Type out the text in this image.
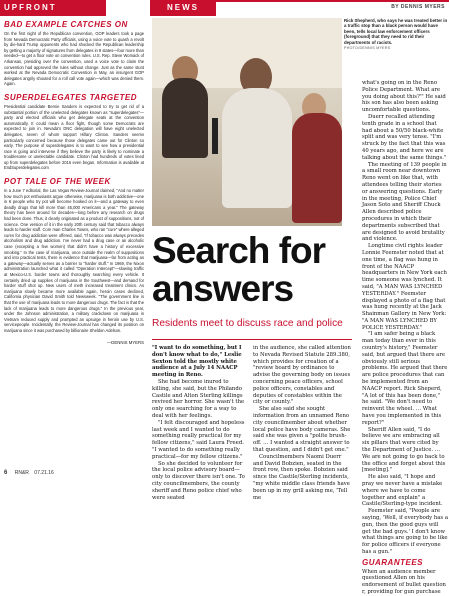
UPFRONT	NEWS	BY DENNIS MYERS
BAD EXAMPLE CATCHES ON
On the first night of the Republican convention, GOP leaders took a page from Nevada Democratic Party officials, using a voice vote to quash a revolt by die-hard Trump opponents who had shocked the Republican leadership by getting a majority of signatures from delegates in 9 states—four more than needed—to get a floor vote on convention rules. U.S. Rep. Steve Womack of Arkansas, presiding over the convention, used a voice vote to claim the convention had approved the rules without change. Just as the same stunt worked at the Nevada Democratic Convention in May, an insurgent GOP delegates angrily shouted for a roll call vote again—which was denied them. Again.
SUPERDELEGATES TARGETED
Presidential candidate Bernie Sanders is expected to try to get rid of a substantial portion of the unelected delegates known as "superdelegates"—party and elected officials who get delegate seats at the convention automatically. It could mean a floor fight, though some Democrats are expected to join in. Nevada's DNC delegation will have eight unelected delegates, seven of whom support Hillary Clinton. Sanders seems particularly concerned because those delegates came out for Clinton so early. The purpose of superdelegates is to want to see how a presidential race is going and intervene if they believe the party is likely to nominate a troublesome or unelectable candidate. Clinton had hundreds of votes lined up from superdelegates before 2016 even began. Information is available at EndSuperdelegates.com
POT TALE OF THE WEEK
In a June 7 editorial, the Las Vegas Review-Journal claimed, "And no matter how much pot enthusiasts argue otherwise, marijuana is both addictive—one in 6 people who try pot will become hooked on it—and a gateway to even deadly drugs that kill more than 45,000 Americans a year." The gateway theory has been around for decades—long before any research on drugs had been done. Thus, it clearly originated as a product of suppositions, not of science. One version of it in the early 20th century said that tobacco always leads to harder stuff. Corn man Charles Towns, who ran "cure" where alleged cures for drug addiction were offered, said, "If tobacco was always precedes alcoholism and drug addiction. I've never had a drug case or an alcoholic case (excepting a few women) that didn't have a history of excessive smoking." In the case of marijuana, once outside the realm of suppositions and into practical tests, there is evidence that marijuana—far from acting as a gateway—actually serves as a barrier to "harder stuff." In 1969, the Nixon administration launched what it called "Operation Intercept"—slowing traffic at Mexico-U.S. border towns and thoroughly searching every vehicle. It certainly dried up supplies of marijuana in the Southwest—and demand for harder stuff shot up. New users of meth increased treatment clinics. As marijuana slowly became more available again, heroin cases declined, California physician David Smith told Newsweek. "The government line is that the use of marijuana leads to more dangerous drugs. The fact is that the lack of marijuana leads to more dangerous drugs." In the previous year, under the Johnson administration, a military crackdown on marijuana in Vietnam reduced supply and prompted an upsurge in heroin use by U.S. servicepeople. Incidentally, the Review-Journal has changed its position on marijuana since it was purchased by billionaire Sheldon Adelson.
—DENNIS MYERS
Rick Shepherd, who says he was treated better in a traffic stop than a black person would have been, tells local law enforcement officers (foreground) that they need to rid their departments of racists.
PHOTO/DENNIS MYERS
Search for answers
Residents meet to discuss race and police

"I want to do something, but I don't know what to do," Leslie Sexton told the mostly white audience at a July 14 NAACP meeting in Reno.

She had become inured to killing, she said, but the Philando Castile and Alton Sterling killings revived her horror. She wasn't the only one searching for a way to deal with her feelings.

"I felt discouraged and hopeless last week and I wanted to do something really practical for my fellow citizens," said Laura Freed. "I wanted to do something really practical—for my fellow citizens."

So she decided to volunteer for the local police advisory board—only to discover there isn't one. To city councilmembers, the county sheriff and Reno police chief who were seated

in the audience, she called attention to Nevada Revised Statute 289.380, which provides for creation of a "review board by ordinance to advise the governing body on issues concerning peace officers, school police officers, constables and deputies of constables within the city or county."

She also said she sought information from an unnamed Reno city councilmember about whether local police have body cameras. She said she was given a "polite brush-off. … I wanted a straight answer to that question, and I didn't get one."

Councilmembers Naomi Duerr and David Bobzien, seated in the front row, then spoke. Bobzien said since the Castile/Sterling incidents, "my white middle class friends have been up in my grill asking me, 'Tell me

what's going on in the Reno Police Department. What are you doing about this?'" He said his son has also been asking uncomfortable questions.

Duerr recalled attending tenth grade in a school that had about a 50/50 black-white split and was very tense. "I'm struck by the fact that this was 40 years ago, and here we are talking about the same things."

The meeting of 139 people in a small room near downtown Reno went on like that, with attendees telling their stories or answering questions. Early in the meeting, Police Chief Jason Soto and Sheriff Chuck Allen described police procedures in which their departments subscribed that are designed to avoid brutality and violence.

Longtime civil rights leader Lonnie Feemster noted that at one time, a flag was hung in front of the NAACP headquarters in New York each time someone was lynched. It said, "A MAN WAS LYNCHED YESTERDAY." Feemster displayed a photo of a flag that was hung recently at the Jack Shainman Gallery in New York: "A MAN WAS LYNCHED BY POLICE YESTERDAY."

"I am safer being a black man today than ever in this country's history," Feemster said, but argued that there are obviously still serious problems. He argued that there are police procedures that can be implemented from an NAACP report. Rick Sheperd, "A lot of this has been done," he said. "We don't need to reinvent the wheel. … What have you implemented in this report?"

Sheriff Allen said, "I do believe we are embracing all six pillars that were cited by the Department of Justice. …We are not going to go back to the office and forget about this [meeting]."

He also said, "I hope and pray we never have a mistake where we have to come together and explain" a Castile/Sterling-type incident.

Feemster said, "People are saying, 'Well, if everybody has a gun, then the good guys will get the bad guys.' I don't know what things are going to be like for police officers if everyone has a gun."

GUARANTEES

When an audience member questioned Allen on his endorsement of bullet question r, providing for gun purchase

6 RN&R 07.21.16
